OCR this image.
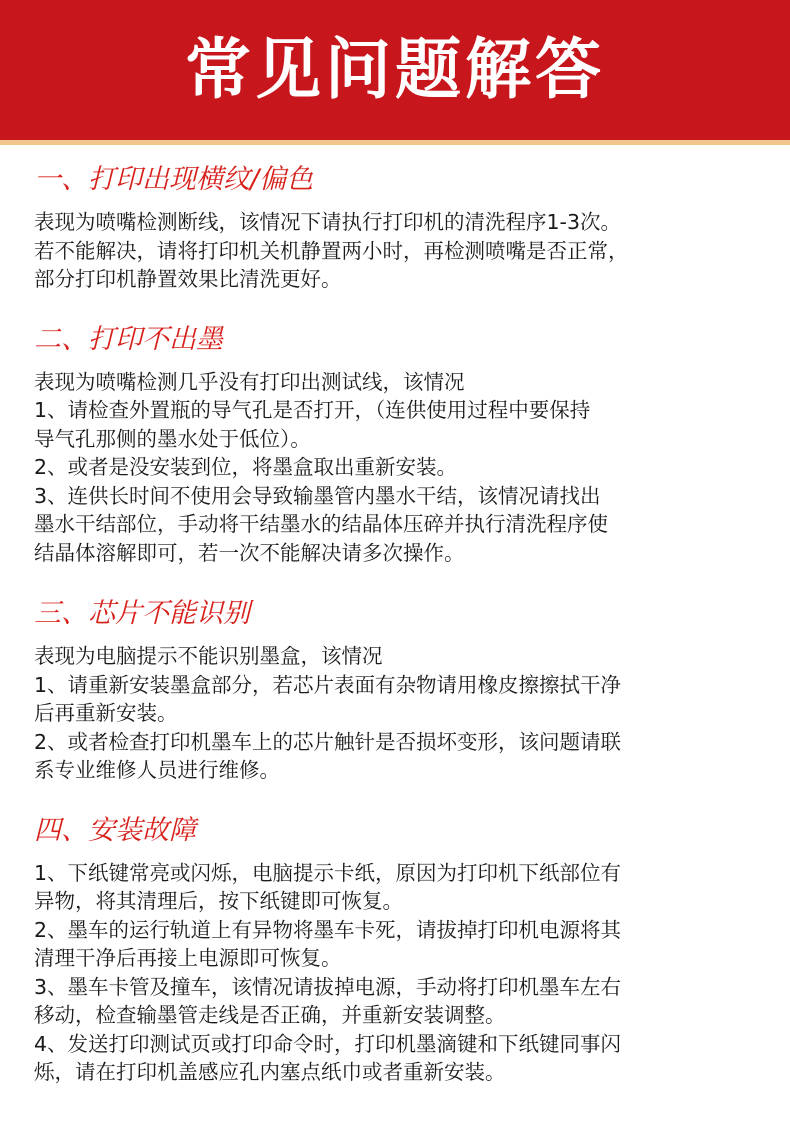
常见问题解答
一、打印出现横纹/偏色

表现为喷嘴检测断线，该情况下请执行打印机的清洗程序1-3次。

若不能解决，请将打印机关机静置两小时，再检测喷嘴是否正常，

部分打印机静置效果比清洗更好。

二、打印不出墨

表现为喷嘴检测几乎没有打印出测试线，该情况

1、请检查外置瓶的导气孔是否打开，（连供使用过程中要保持

导气孔那侧的墨水处于低位）。

2、或者是没安装到位，将墨盒取出重新安装。

3、连供长时间不使用会导致输墨管内墨水干结，该情况请找出

墨水干结部位，手动将干结墨水的结晶体压碎并执行清洗程序使

结晶体溶解即可，若一次不能解决请多次操作。

三、芯片不能识别

表现为电脑提示不能识别墨盒，该情况

1、请重新安装墨盒部分，若芯片表面有杂物请用橡皮擦擦拭干净

后再重新安装。

2、或者检查打印机墨车上的芯片触针是否损坏变形，该问题请联

系专业维修人员进行维修。

四、安装故障

1、下纸键常亮或闪烁，电脑提示卡纸，原因为打印机下纸部位有

异物，将其清理后，按下纸键即可恢复。

2、墨车的运行轨道上有异物将墨车卡死，请拔掉打印机电源将其

清理干净后再接上电源即可恢复。

3、墨车卡管及撞车，该情况请拔掉电源，手动将打印机墨车左右

移动，检查输墨管走线是否正确，并重新安装调整。

4、发送打印测试页或打印命令时，打印机墨滴键和下纸键同事闪

烁，请在打印机盖感应孔内塞点纸巾或者重新安装。
